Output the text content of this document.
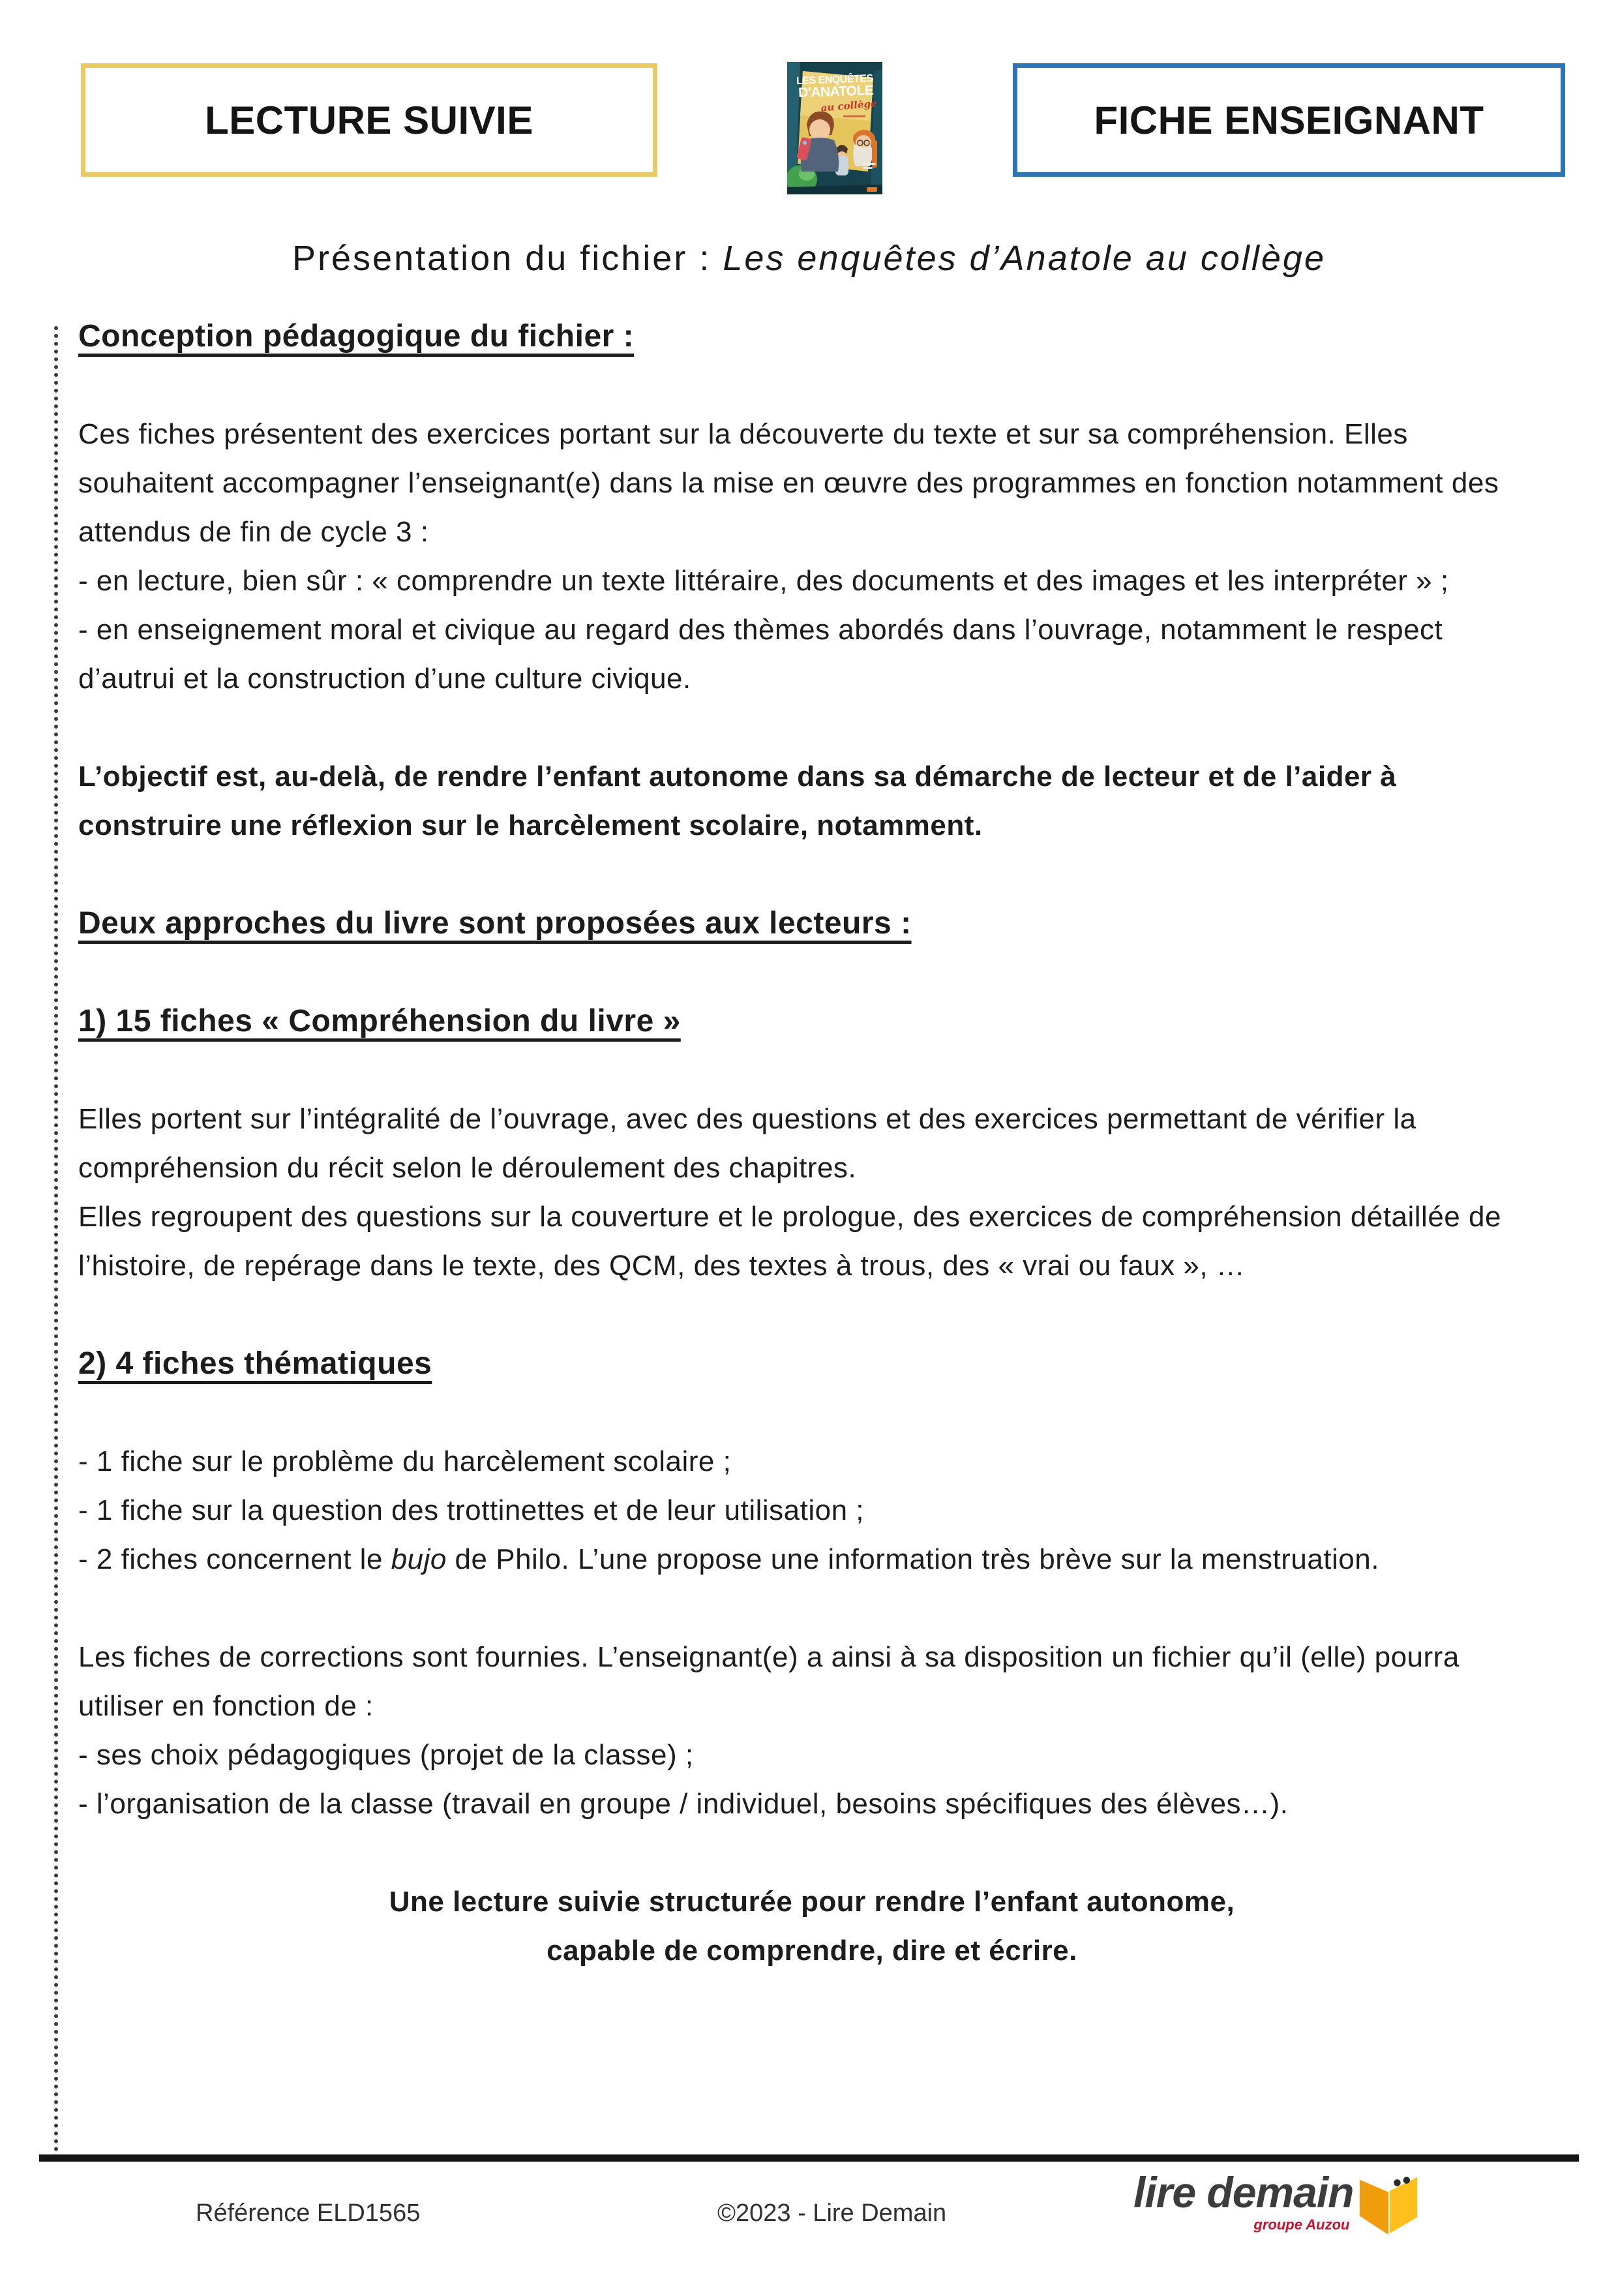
LECTURE SUIVIE
LES ENQUÊTES
D'ANATOLE
au collège	FICHE ENSEIGNANT
Présentation du fichier : Les enquêtes d’Anatole au collège
Conception pédagogique du fichier :
Ces fiches présentent des exercices portant sur la découverte du texte et sur sa compréhension. Elles souhaitent accompagner l’enseignant(e) dans la mise en œuvre des programmes en fonction notamment des attendus de fin de cycle 3 :
- en lecture, bien sûr : « comprendre un texte littéraire, des documents et des images et les interpréter » ;
- en enseignement moral et civique au regard des thèmes abordés dans l’ouvrage, notamment le respect d’autrui et la construction d’une culture civique.
L’objectif est, au-delà, de rendre l’enfant autonome dans sa démarche de lecteur et de l’aider à construire une réflexion sur le harcèlement scolaire, notamment.
Deux approches du livre sont proposées aux lecteurs :
1) 15 fiches « Compréhension du livre »
Elles portent sur l’intégralité de l’ouvrage, avec des questions et des exercices permettant de vérifier la compréhension du récit selon le déroulement des chapitres.
Elles regroupent des questions sur la couverture et le prologue, des exercices de compréhension détaillée de l’histoire, de repérage dans le texte, des QCM, des textes à trous, des « vrai ou faux », …
2) 4 fiches thématiques
- 1 fiche sur le problème du harcèlement scolaire ;
- 1 fiche sur la question des trottinettes et de leur utilisation ;
- 2 fiches concernent le bujo de Philo. L’une propose une information très brève sur la menstruation.
Les fiches de corrections sont fournies. L’enseignant(e) a ainsi à sa disposition un fichier qu’il (elle) pourra utiliser en fonction de :
- ses choix pédagogiques (projet de la classe) ;
- l’organisation de la classe (travail en groupe / individuel, besoins spécifiques des élèves…).
Une lecture suivie structurée pour rendre l’enfant autonome,
capable de comprendre, dire et écrire.
Référence ELD1565	©2023 - Lire Demain	lire demain
groupe Auzou
